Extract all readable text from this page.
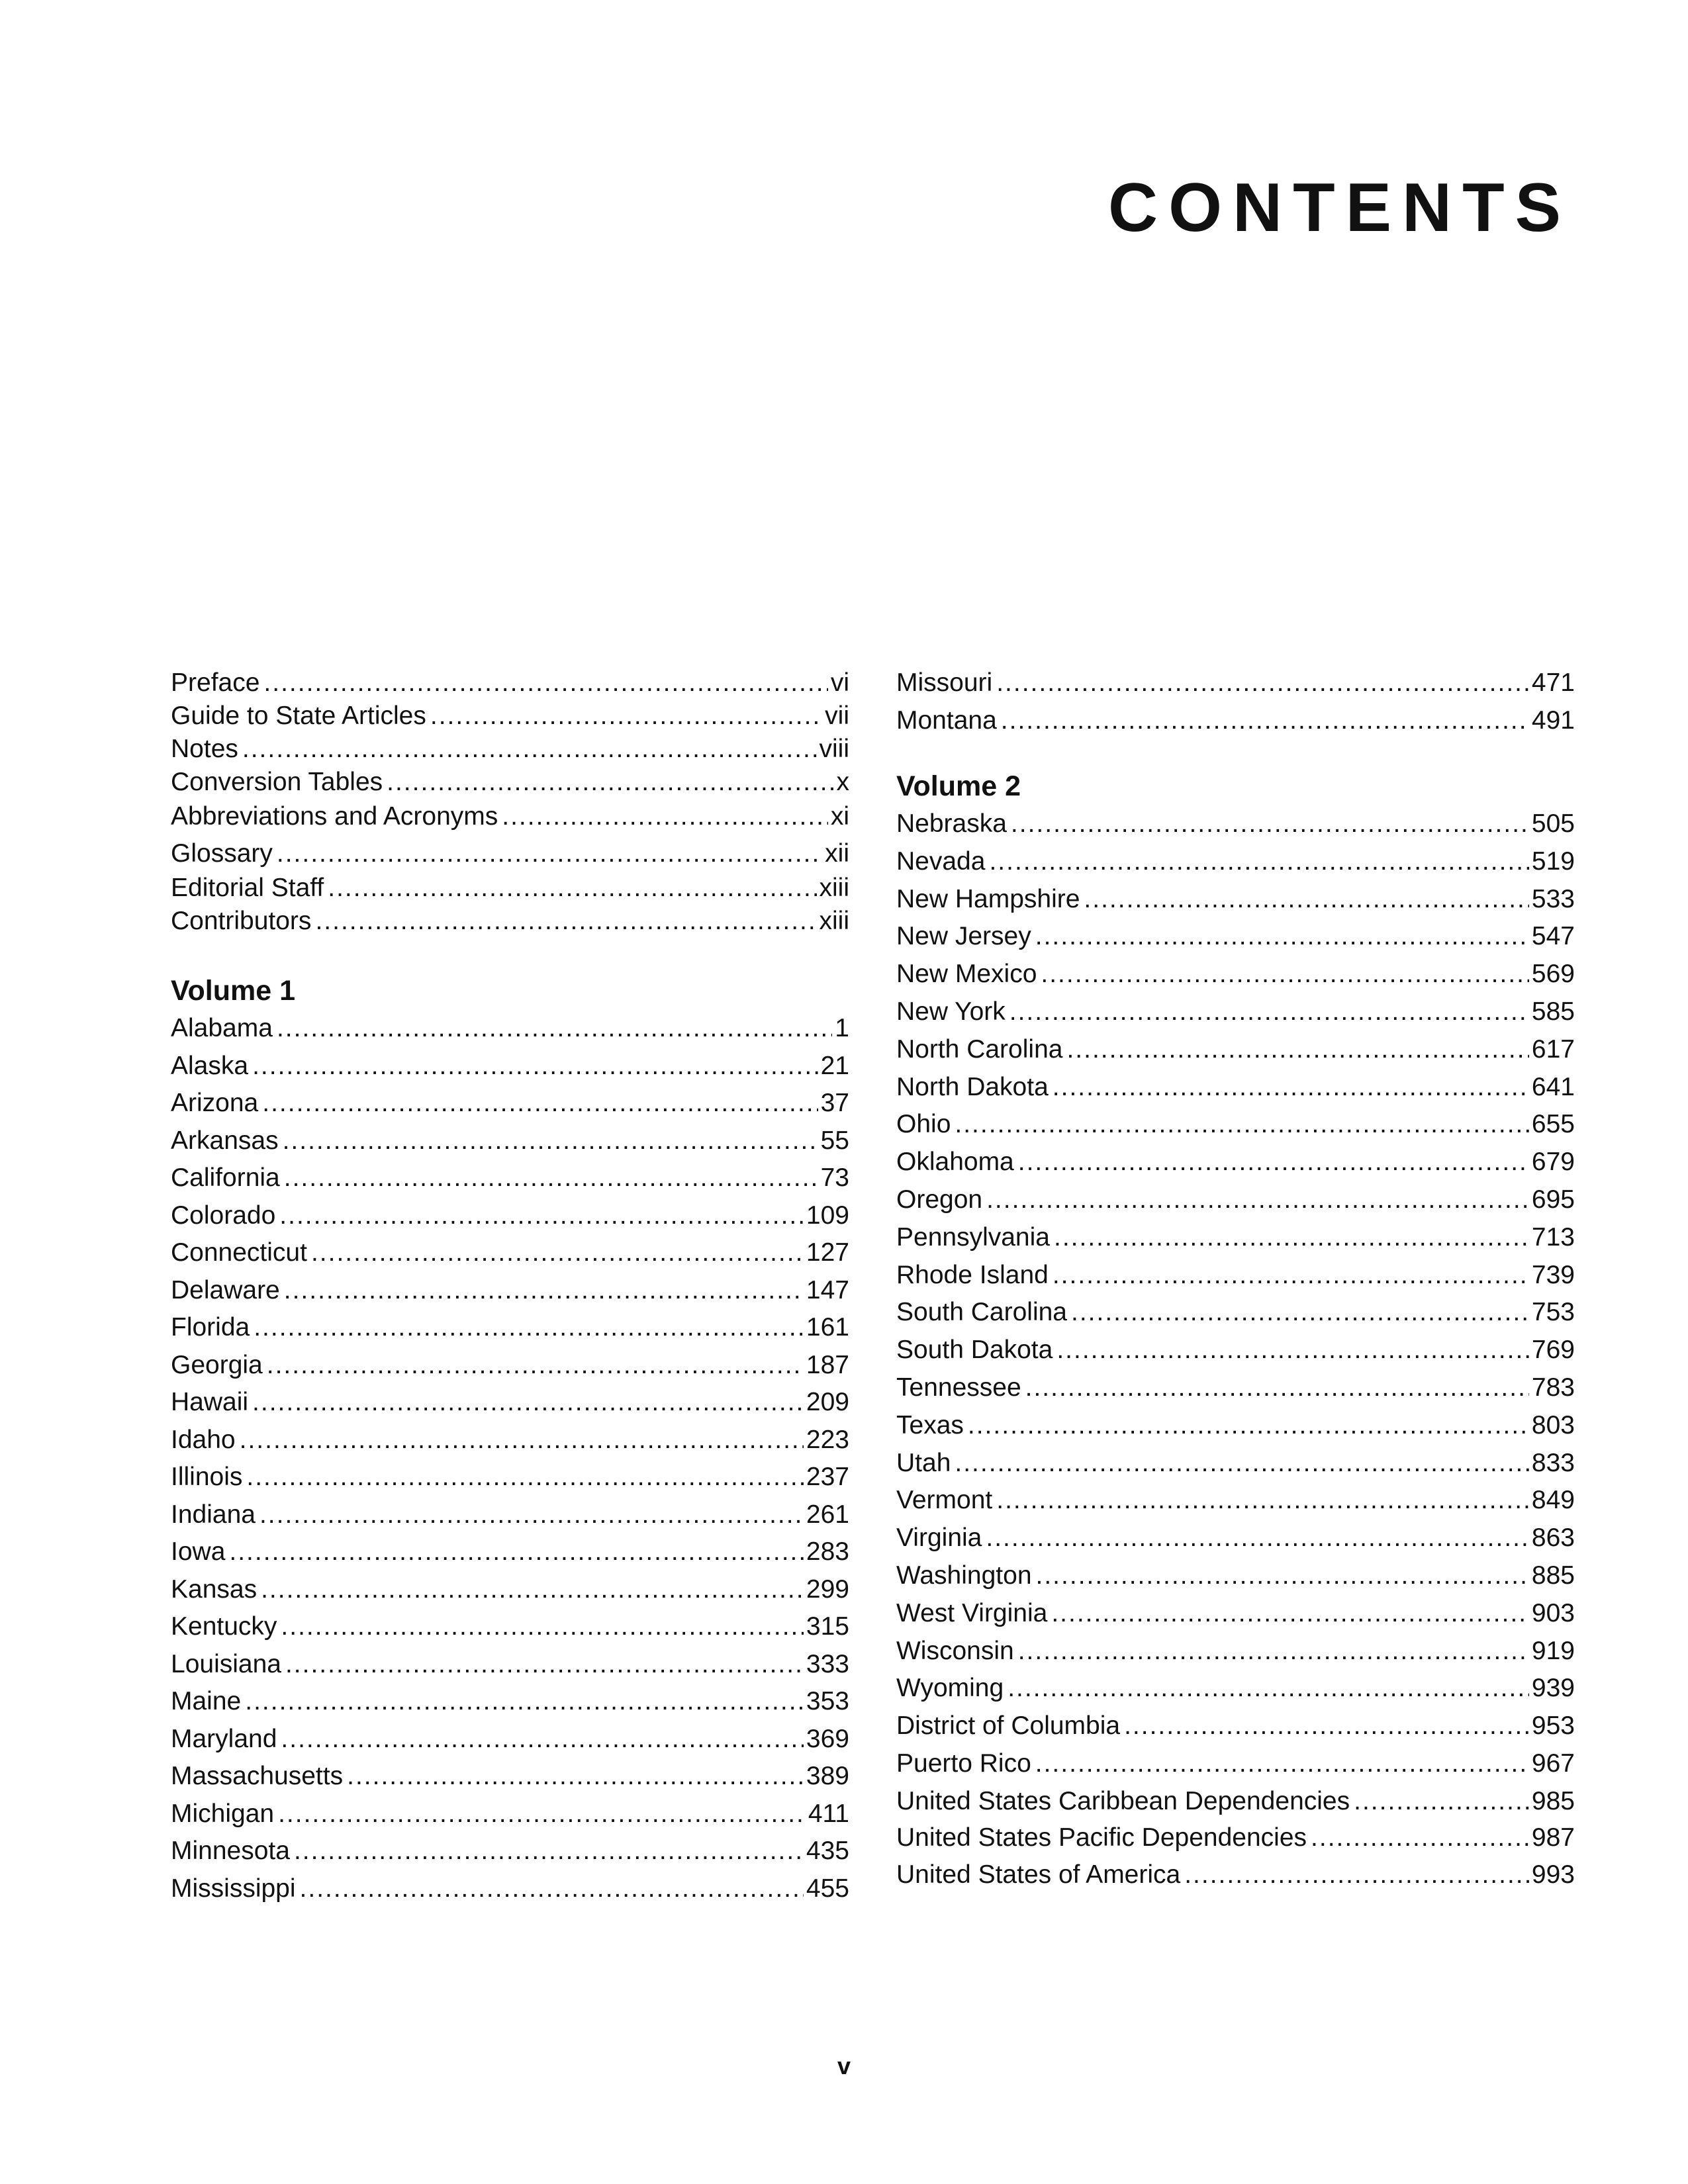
CONTENTS
Preface .....	vi
Guide to State Articles .....	vii
Notes .....	viii
Conversion Tables .....	x
Abbreviations and Acronyms .....	xi
Glossary .....	xii
Editorial Staff .....	xiii
Contributors .....	xiii
Volume 1
Alabama .....	1
Alaska .....	21
Arizona .....	37
Arkansas .....	55
California .....	73
Colorado .....	109
Connecticut .....	127
Delaware .....	147
Florida .....	161
Georgia .....	187
Hawaii .....	209
Idaho .....	223
Illinois .....	237
Indiana .....	261
Iowa .....	283
Kansas .....	299
Kentucky .....	315
Louisiana .....	333
Maine .....	353
Maryland .....	369
Massachusetts .....	389
Michigan .....	411
Minnesota .....	435
Mississippi .....	455
Missouri .....	471
Montana .....	491
Volume 2
Nebraska .....	505
Nevada .....	519
New Hampshire .....	533
New Jersey .....	547
New Mexico .....	569
New York .....	585
North Carolina .....	617
North Dakota .....	641
Ohio .....	655
Oklahoma .....	679
Oregon .....	695
Pennsylvania .....	713
Rhode Island .....	739
South Carolina .....	753
South Dakota .....	769
Tennessee .....	783
Texas .....	803
Utah .....	833
Vermont .....	849
Virginia .....	863
Washington .....	885
West Virginia .....	903
Wisconsin .....	919
Wyoming .....	939
District of Columbia .....	953
Puerto Rico .....	967
United States Caribbean Dependencies .....	985
United States Pacific Dependencies .....	987
United States of America .....	993
v
